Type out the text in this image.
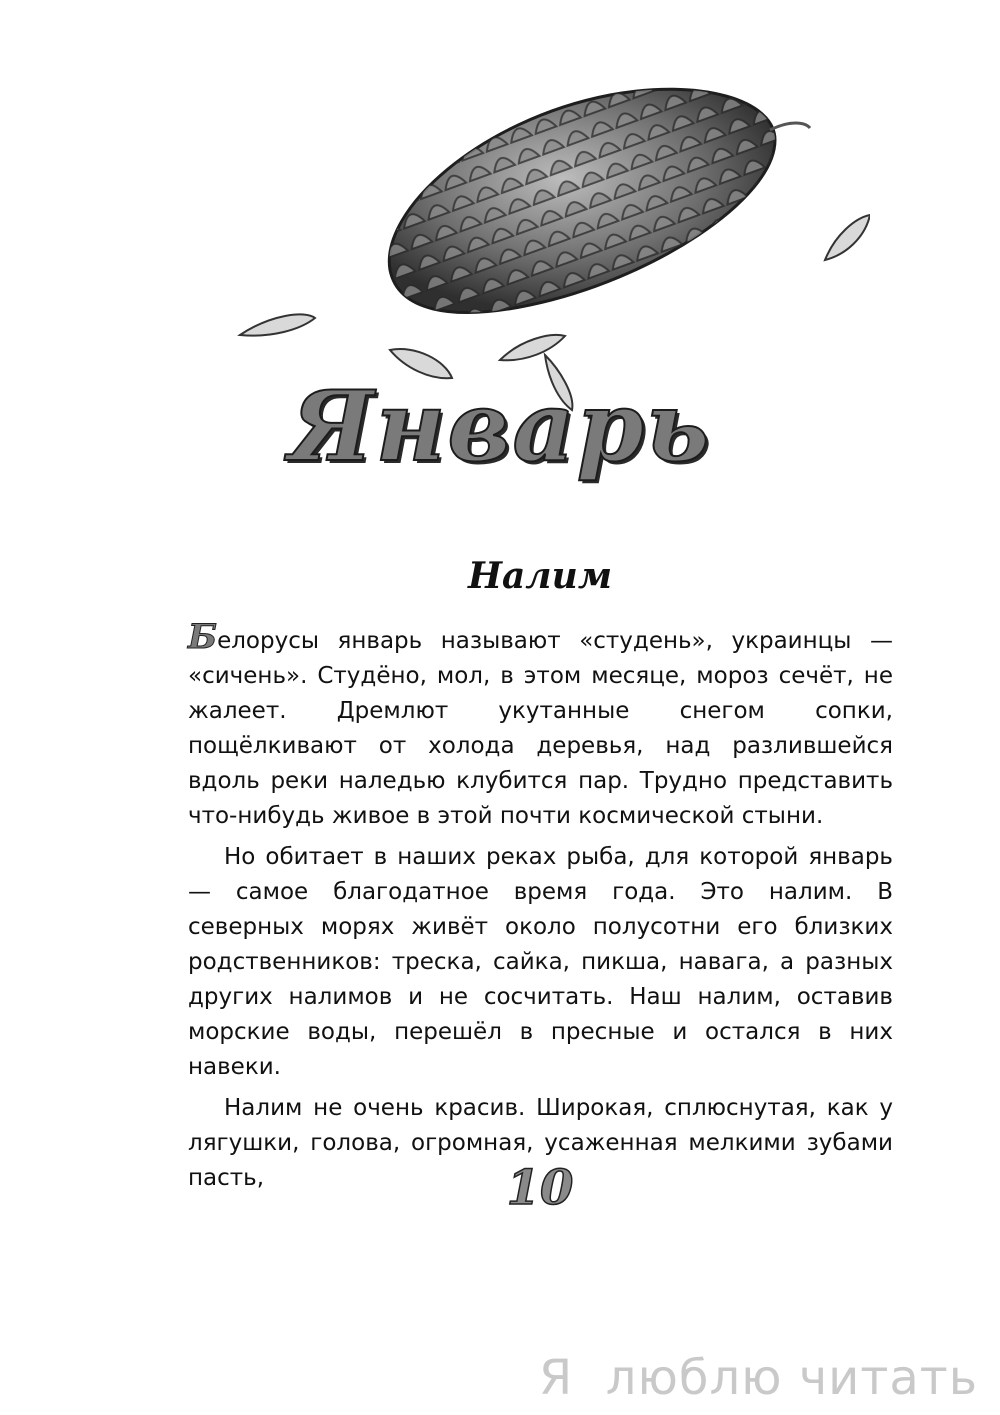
Январь
Налим

Белорусы январь называют «студень», украинцы — «сичень». Студёно, мол, в этом месяце, мороз сечёт, не жалеет. Дремлют укутанные снегом сопки, пощёлкивают от холода деревья, над разлившейся вдоль реки наледью клубится пар. Трудно представить что-нибудь живое в этой почти космической стыни.

Но обитает в наших реках рыба, для которой январь — самое благодатное время года. Это налим. В северных морях живёт около полусотни его близких родственников: треска, сайка, пикша, навага, а разных других налимов и не сосчитать. Наш налим, оставив морские воды, перешёл в пресные и остался в них навеки.

Налим не очень красив. Широкая, сплюснутая, как у лягушки, голова, огромная, усаженная мелкими зубами пасть,	10
Я  люблю читать
